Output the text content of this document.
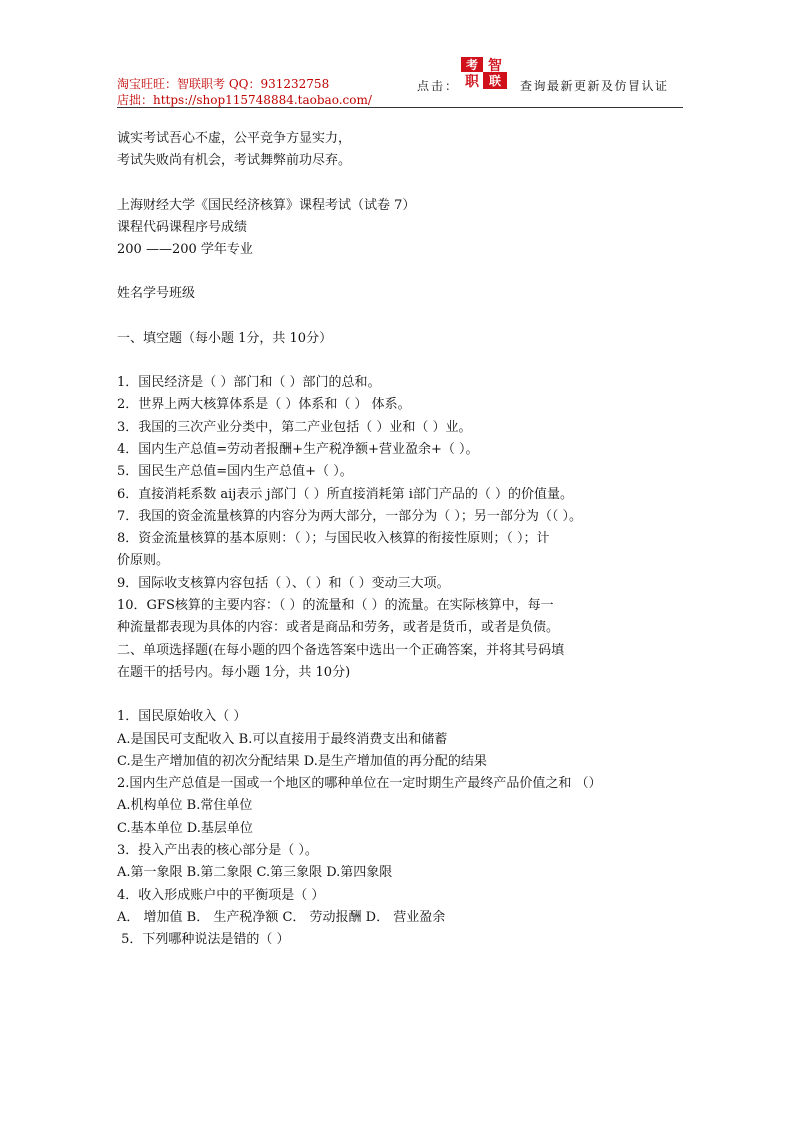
淘宝旺旺：智联职考 QQ：931232758
店拙：https://shop115748884.taobao.com/
点击：
考 智
职 联 查询最新更新及仿冒认证
诚实考试吾心不虚，公平竞争方显实力，
考试失败尚有机会，考试舞弊前功尽弃。
上海财经大学《国民经济核算》课程考试（试卷 7）
课程代码课程序号成绩
200 ——200 学年专业
姓名学号班级
一、填空题（每小题 1分，共 10分）
1．国民经济是（ ）部门和（ ）部门的总和。
2．世界上两大核算体系是（ ）体系和（ ） 体系。
3．我国的三次产业分类中，第二产业包括（ ）业和（ ）业。
4．国内生产总值=劳动者报酬+生产税净额+营业盈余+（ ）。
5．国民生产总值=国内生产总值+（ ）。
6．直接消耗系数 aij表示 j部门（ ）所直接消耗第 i部门产品的（ ）的价值量。
7．我国的资金流量核算的内容分为两大部分，一部分为（ ）；另一部分为（（ ）。
8．资金流量核算的基本原则：（ ）；与国民收入核算的衔接性原则；（ ）；计
价原则。
9．国际收支核算内容包括（ ）、（ ）和（ ）变动三大项。
10．GFS核算的主要内容：（ ）的流量和（ ）的流量。在实际核算中，每一
种流量都表现为具体的内容：或者是商品和劳务，或者是货币，或者是负债。
二、单项选择题(在每小题的四个备选答案中选出一个正确答案，并将其号码填
在题干的括号内。每小题 1分，共 10分)
1．国民原始收入（ ）
A.是国民可支配收入 B.可以直接用于最终消费支出和储蓄
C.是生产增加值的初次分配结果 D.是生产增加值的再分配的结果
2.国内生产总值是一国或一个地区的哪种单位在一定时期生产最终产品价值之和 （）
A.机构单位 B.常住单位
C.基本单位 D.基层单位
3．投入产出表的核心部分是（ ）。
A.第一象限 B.第二象限 C.第三象限 D.第四象限
4．收入形成账户中的平衡项是（ ）
A． 增加值 B． 生产税净额 C． 劳动报酬 D． 营业盈余
5．下列哪种说法是错的（ ）
